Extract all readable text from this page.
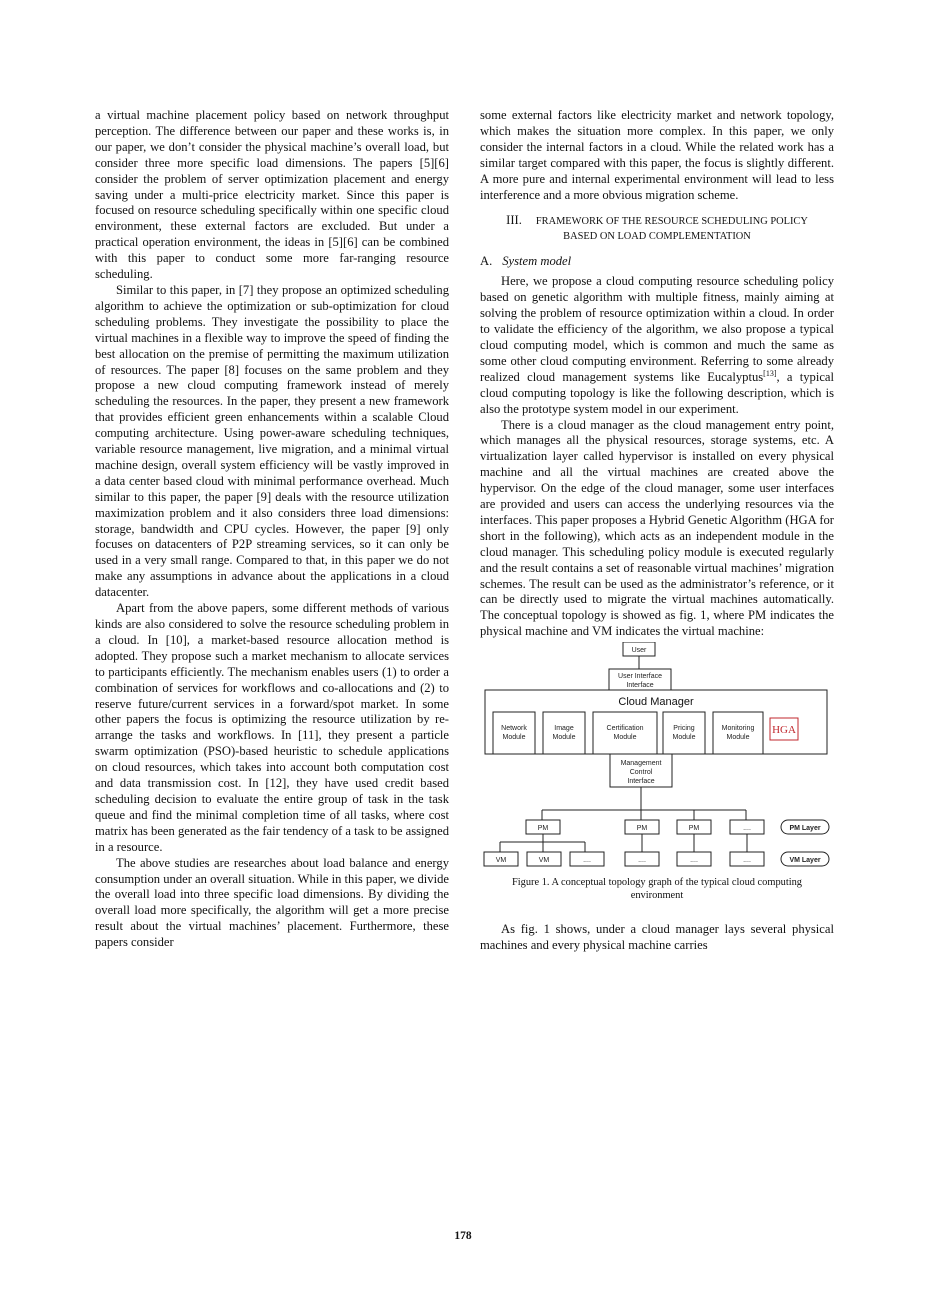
a virtual machine placement policy based on network throughput perception. The difference between our paper and these works is, in our paper, we don’t consider the physical machine’s overall load, but consider three more specific load dimensions. The papers [5][6] consider the problem of server optimization placement and energy saving under a multi-price electricity market. Since this paper is focused on resource scheduling specifically within one specific cloud environment, these external factors are excluded. But under a practical operation environment, the ideas in [5][6] can be combined with this paper to conduct some more far-ranging resource scheduling.

Similar to this paper, in [7] they propose an optimized scheduling algorithm to achieve the optimization or sub-optimization for cloud scheduling problems. They investigate the possibility to place the virtual machines in a flexible way to improve the speed of finding the best allocation on the premise of permitting the maximum utilization of resources. The paper [8] focuses on the same problem and they propose a new cloud computing framework instead of merely scheduling the resources. In the paper, they present a new framework that provides efficient green enhancements within a scalable Cloud computing architecture. Using power-aware scheduling techniques, variable resource management, live migration, and a minimal virtual machine design, overall system efficiency will be vastly improved in a data center based cloud with minimal performance overhead. Much similar to this paper, the paper [9] deals with the resource utilization maximization problem and it also considers three load dimensions: storage, bandwidth and CPU cycles. However, the paper [9] only focuses on datacenters of P2P streaming services, so it can only be used in a very small range. Compared to that, in this paper we do not make any assumptions in advance about the applications in a cloud datacenter.

Apart from the above papers, some different methods of various kinds are also considered to solve the resource scheduling problem in a cloud. In [10], a market-based resource allocation method is adopted. They propose such a market mechanism to allocate services to participants efficiently. The mechanism enables users (1) to order a combination of services for workflows and co-allocations and (2) to reserve future/current services in a forward/spot market. In some other papers the focus is optimizing the resource utilization by re-arrange the tasks and workflows. In [11], they present a particle swarm optimization (PSO)-based heuristic to schedule applications on cloud resources, which takes into account both computation cost and data transmission cost. In [12], they have used credit based scheduling decision to evaluate the entire group of task in the task queue and find the minimal completion time of all tasks, where cost matrix has been generated as the fair tendency of a task to be assigned in a resource.

The above studies are researches about load balance and energy consumption under an overall situation. While in this paper, we divide the overall load into three specific load dimensions. By dividing the overall load more specifically, the algorithm will get a more precise result about the virtual machines’ placement. Furthermore, these papers consider

some external factors like electricity market and network topology, which makes the situation more complex. In this paper, we only consider the internal factors in a cloud. While the related work has a similar target compared with this paper, the focus is slightly different. A more pure and internal experimental environment will lead to less interference and a more obvious migration scheme.

III. FRAMEWORK OF THE RESOURCE SCHEDULING POLICY
BASED ON LOAD COMPLEMENTATION
A. System model

Here, we propose a cloud computing resource scheduling policy based on genetic algorithm with multiple fitness, mainly aiming at solving the problem of resource optimization within a cloud. In order to validate the efficiency of the algorithm, we also propose a typical cloud computing model, which is common and much the same as some other cloud computing environment. Referring to some already realized cloud management systems like Eucalyptus[13], a typical cloud computing topology is like the following description, which is also the prototype system model in our experiment.

There is a cloud manager as the cloud management entry point, which manages all the physical resources, storage systems, etc. A virtualization layer called hypervisor is installed on every physical machine and all the virtual machines are created above the hypervisor. On the edge of the cloud manager, some user interfaces are provided and users can access the underlying resources via the interfaces. This paper proposes a Hybrid Genetic Algorithm (HGA for short in the following), which acts as an independent module in the cloud manager. This scheduling policy module is executed regularly and the result contains a set of reasonable virtual machines’ migration schemes. The result can be used as the administrator’s reference, or it can be directly used to migrate the virtual machines automatically. The conceptual topology is showed as fig. 1, where PM indicates the physical machine and VM indicates the virtual machine:

User
User Interface
Interface
Cloud Manager
Network
Module
Image
Module
Certification
Module
Pricing
Module
Monitoring
Module
HGA
Management
Control
Interface
PM	PM	PM	....	PM Layer
VM	VM	....	....	....	....	VM Layer
Figure 1. A conceptual topology graph of the typical cloud computing
environment

As fig. 1 shows, under a cloud manager lays several physical machines and every physical machine carries

178
